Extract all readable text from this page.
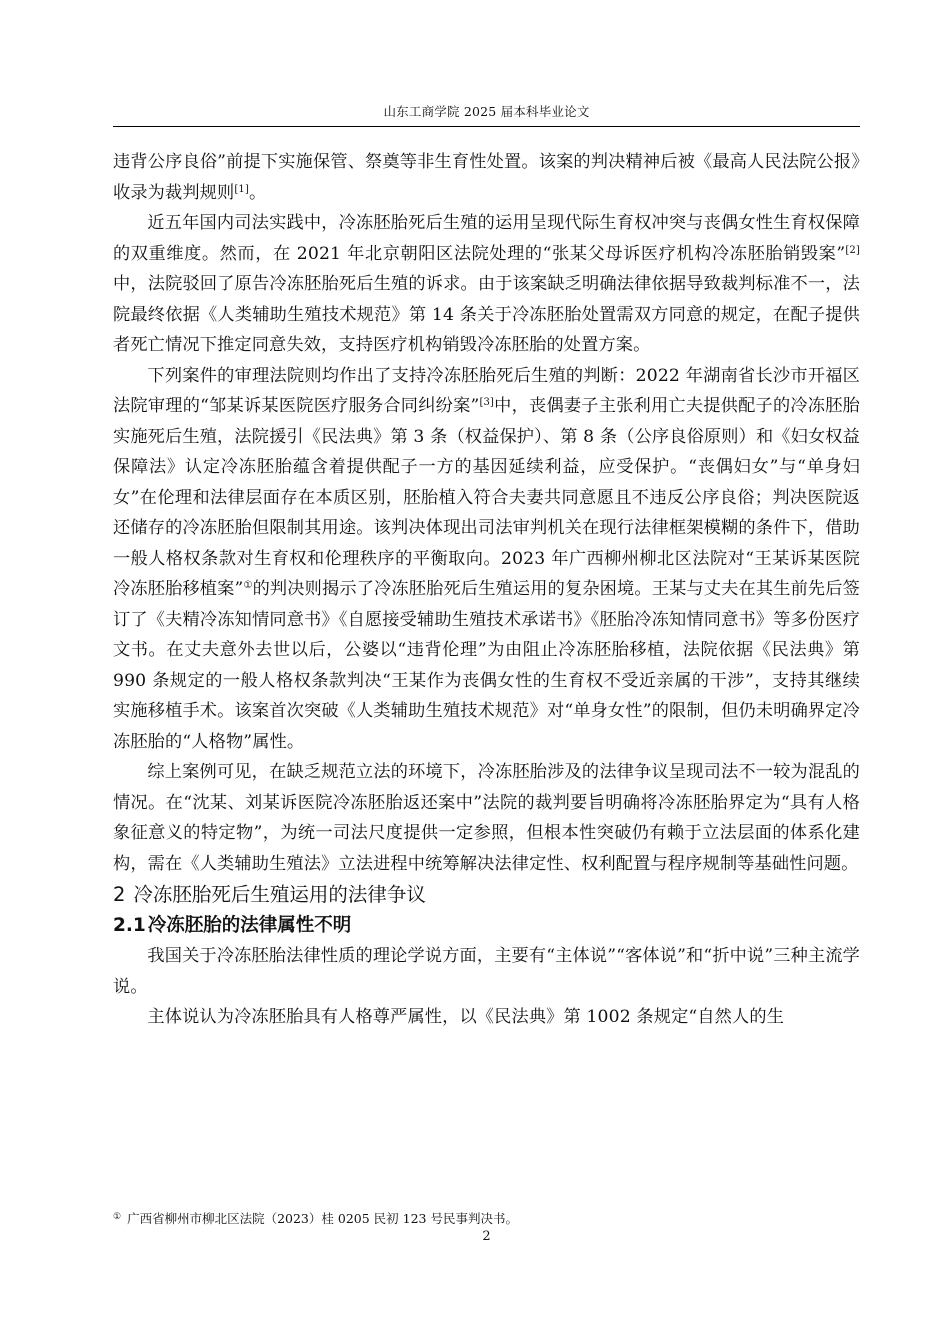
山东工商学院 2025 届本科毕业论文

违背公序良俗”前提下实施保管、祭奠等非生育性处置。该案的判决精神后被《最高人民法院公报》收录为裁判规则[1]。

近五年国内司法实践中，冷冻胚胎死后生殖的运用呈现代际生育权冲突与丧偶女性生育权保障的双重维度。然而，在 2021 年北京朝阳区法院处理的“张某父母诉医疗机构冷冻胚胎销毁案”[2]中，法院驳回了原告冷冻胚胎死后生殖的诉求。由于该案缺乏明确法律依据导致裁判标准不一，法院最终依据《人类辅助生殖技术规范》第 14 条关于冷冻胚胎处置需双方同意的规定，在配子提供者死亡情况下推定同意失效，支持医疗机构销毁冷冻胚胎的处置方案。

下列案件的审理法院则均作出了支持冷冻胚胎死后生殖的判断：2022 年湖南省长沙市开福区法院审理的“邹某诉某医院医疗服务合同纠纷案”[3]中，丧偶妻子主张利用亡夫提供配子的冷冻胚胎实施死后生殖，法院援引《民法典》第 3 条（权益保护）、第 8 条（公序良俗原则）和《妇女权益保障法》认定冷冻胚胎蕴含着提供配子一方的基因延续利益，应受保护。“丧偶妇女”与“单身妇女”在伦理和法律层面存在本质区别，胚胎植入符合夫妻共同意愿且不违反公序良俗；判决医院返还储存的冷冻胚胎但限制其用途。该判决体现出司法审判机关在现行法律框架模糊的条件下，借助一般人格权条款对生育权和伦理秩序的平衡取向。2023 年广西柳州柳北区法院对“王某诉某医院冷冻胚胎移植案”①的判决则揭示了冷冻胚胎死后生殖运用的复杂困境。王某与丈夫在其生前先后签订了《夫精冷冻知情同意书》《自愿接受辅助生殖技术承诺书》《胚胎冷冻知情同意书》等多份医疗文书。在丈夫意外去世以后，公婆以“违背伦理”为由阻止冷冻胚胎移植，法院依据《民法典》第 990 条规定的一般人格权条款判决“王某作为丧偶女性的生育权不受近亲属的干涉”，支持其继续实施移植手术。该案首次突破《人类辅助生殖技术规范》对“单身女性”的限制，但仍未明确界定冷冻胚胎的“人格物”属性。

综上案例可见，在缺乏规范立法的环境下，冷冻胚胎涉及的法律争议呈现司法不一较为混乱的情况。在“沈某、刘某诉医院冷冻胚胎返还案中”法院的裁判要旨明确将冷冻胚胎界定为“具有人格象征意义的特定物”，为统一司法尺度提供一定参照，但根本性突破仍有赖于立法层面的体系化建构，需在《人类辅助生殖法》立法进程中统筹解决法律定性、权利配置与程序规制等基础性问题。

2 冷冻胚胎死后生殖运用的法律争议
2.1 冷冻胚胎的法律属性不明

我国关于冷冻胚胎法律性质的理论学说方面，主要有“主体说”“客体说”和“折中说”三种主流学说。

主体说认为冷冻胚胎具有人格尊严属性，以《民法典》第 1002 条规定“自然人的生

① 广西省柳州市柳北区法院（2023）桂 0205 民初 123 号民事判决书。
2
